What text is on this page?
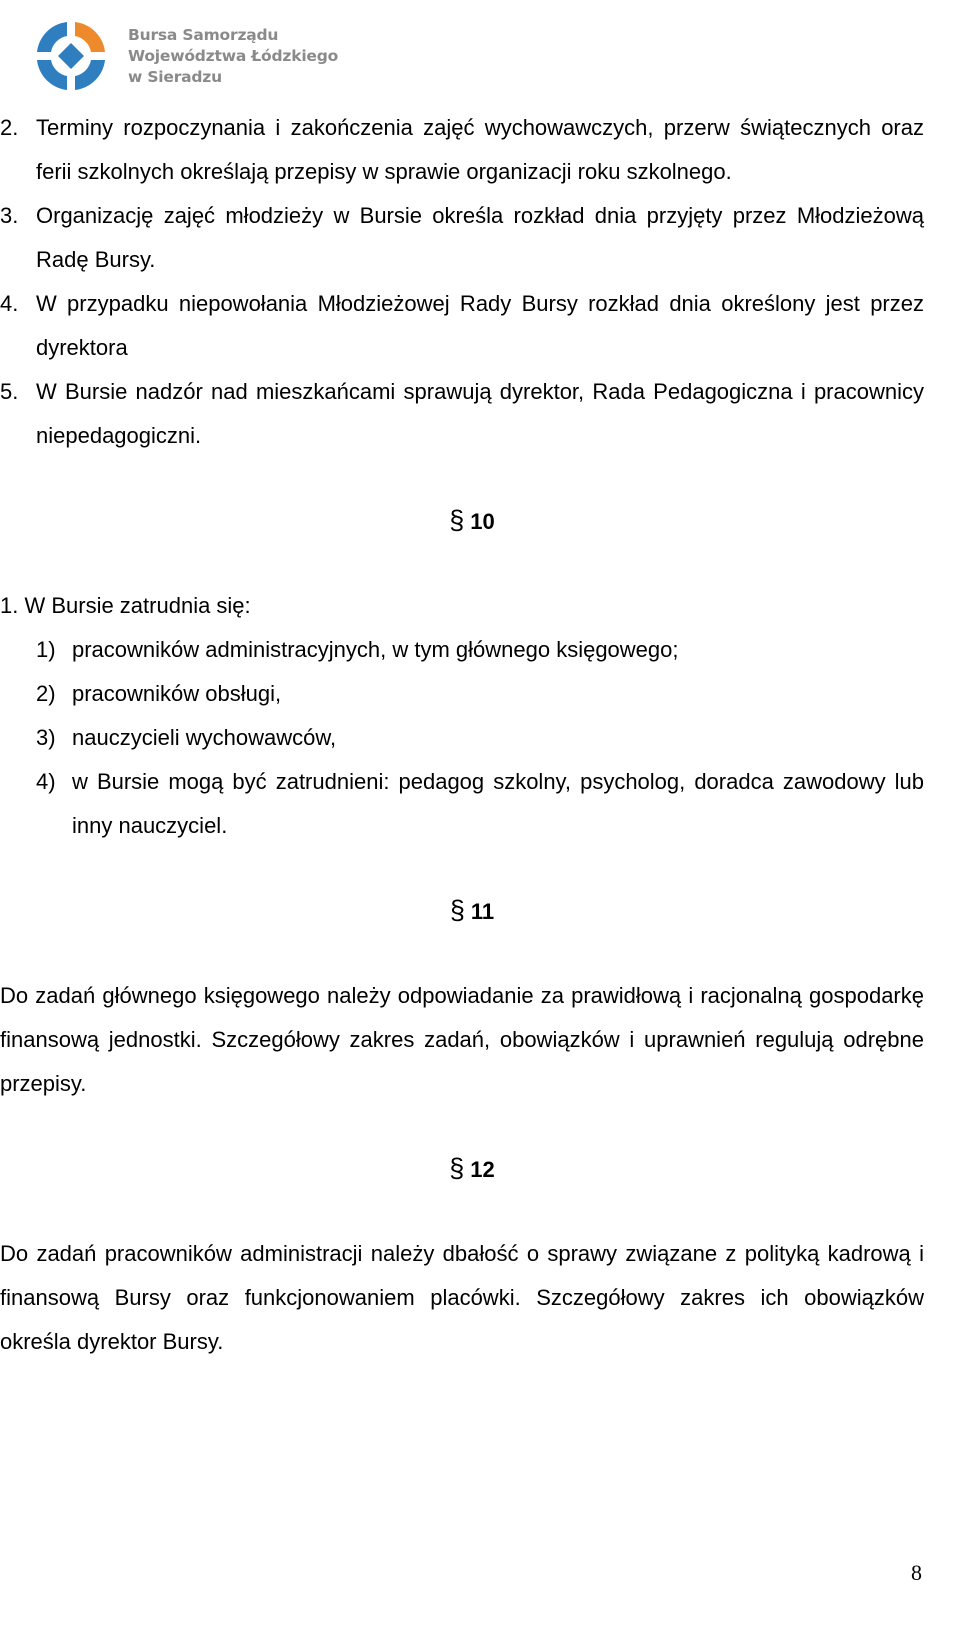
Bursa Samorządu
Województwa Łódzkiego
w Sieradzu
2. Terminy rozpoczynania i zakończenia zajęć wychowawczych, przerw świątecznych oraz ferii szkolnych określają przepisy w sprawie organizacji roku szkolnego.

3. Organizację zajęć młodzieży w Bursie określa rozkład dnia przyjęty przez Młodzieżową Radę Bursy.

4. W przypadku niepowołania Młodzieżowej Rady Bursy rozkład dnia określony jest przez dyrektora

5. W Bursie nadzór nad mieszkańcami sprawują dyrektor, Rada Pedagogiczna i pracownicy niepedagogiczni.

§ 10

1. W Bursie zatrudnia się:

1) pracowników administracyjnych, w tym głównego księgowego;

2) pracowników obsługi,

3) nauczycieli wychowawców,

4) w Bursie mogą być zatrudnieni: pedagog szkolny, psycholog, doradca zawodowy lub inny nauczyciel.

§ 11

Do zadań głównego księgowego należy odpowiadanie za prawidłową i racjonalną gospodarkę finansową jednostki. Szczegółowy zakres zadań, obowiązków i uprawnień regulują odrębne przepisy.

§ 12

Do zadań pracowników administracji należy dbałość o sprawy związane z polityką kadrową i finansową Bursy oraz funkcjonowaniem placówki. Szczegółowy zakres ich obowiązków określa dyrektor Bursy.

8
